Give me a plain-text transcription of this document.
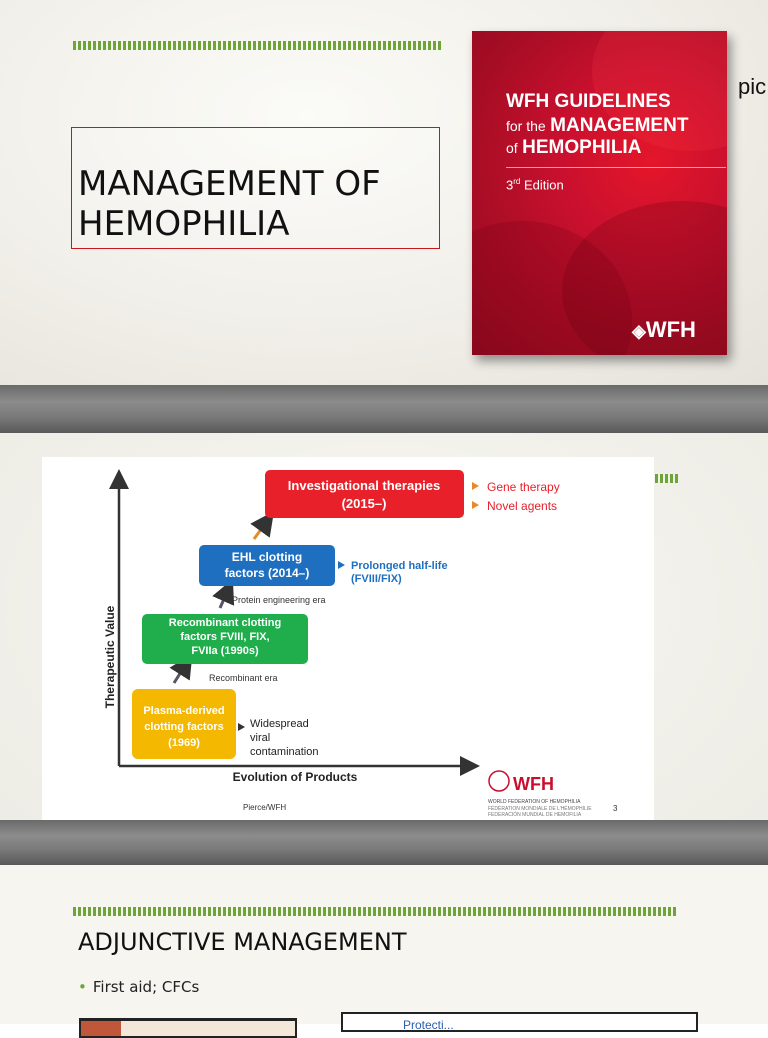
MANAGEMENT OF
HEMOPHILIA
WFH GUIDELINES
for the MANAGEMENT
of HEMOPHILIA
3rd Edition
◈WFH
pic
Therapeutic Value
Evolution of Products
Plasma-derived
clotting factors
(1969)
Widespread
viral
contamination
Recombinant era
Recombinant clotting
factors FVIII, FIX,
FVIIa (1990s)
Protein engineering era
EHL clotting
factors (2014–)	Prolonged half-life
(FVIII/FIX)
Investigational therapies
(2015–)
Gene therapy
Novel agents
Pierce/WFH
WFH
WORLD FEDERATION OF HEMOPHILIA
FÉDÉRATION MONDIALE DE L’HÉMOPHILIE
FEDERACIÓN MUNDIAL DE HEMOFILIA
3
ADJUNCTIVE MANAGEMENT
• First aid; CFCs
Protecti...
